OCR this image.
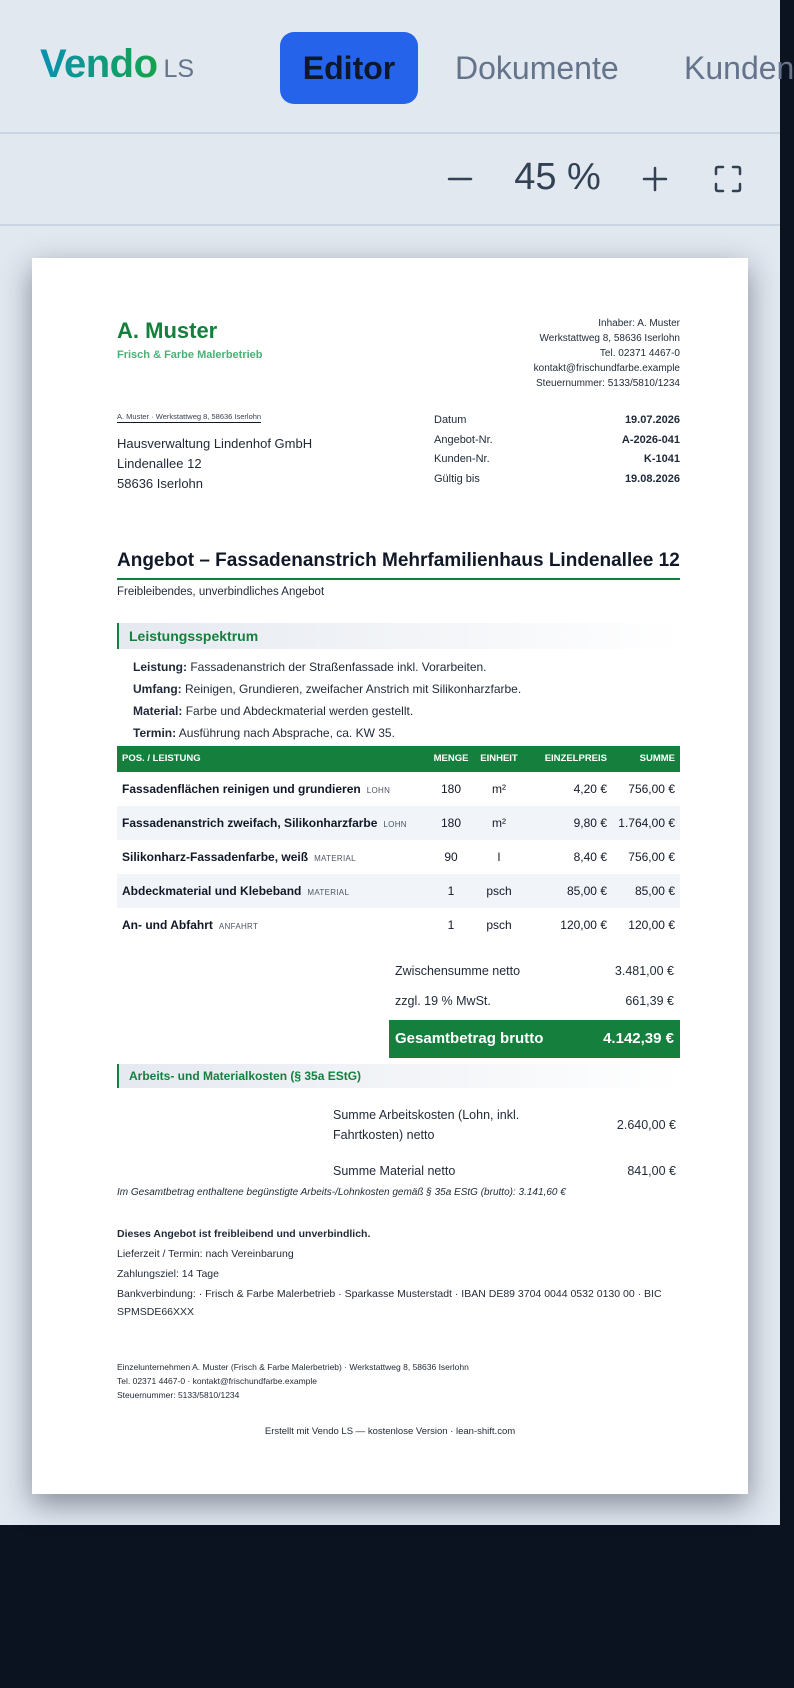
Vendo LS	Editor	Dokumente Kunden
45 %
A. Muster
Frisch & Farbe Malerbetrieb
Inhaber: A. Muster
Werkstattweg 8, 58636 Iserlohn
Tel. 02371 4467-0
kontakt@frischundfarbe.example
Steuernummer: 5133/5810/1234
A. Muster · Werkstattweg 8, 58636 Iserlohn
Hausverwaltung Lindenhof GmbH
Lindenallee 12
58636 Iserlohn
Datum	19.07.2026
Angebot-Nr.	A-2026-041
Kunden-Nr.	K-1041
Gültig bis	19.08.2026
Angebot – Fassadenanstrich Mehrfamilienhaus Lindenallee 12
Freibleibendes, unverbindliches Angebot
Leistungsspektrum
Leistung: Fassadenanstrich der Straßenfassade inkl. Vorarbeiten.
Umfang: Reinigen, Grundieren, zweifacher Anstrich mit Silikonharzfarbe.
Material: Farbe und Abdeckmaterial werden gestellt.
Termin: Ausführung nach Absprache, ca. KW 35.
POS. / LEISTUNG	MENGE	EINHEIT	EINZELPREIS	SUMME
Fassadenflächen reinigen und grundieren LOHN	180	m²	4,20 €	756,00 €
Fassadenanstrich zweifach, Silikonharzfarbe LOHN	180	m²	9,80 € 1.764,00 €
Silikonharz-Fassadenfarbe, weiß MATERIAL	90	l	8,40 €	756,00 €
Abdeckmaterial und Klebeband MATERIAL	1	psch	85,00 €	85,00 €
An- und Abfahrt ANFAHRT	1	psch	120,00 €	120,00 €
Zwischensumme netto	3.481,00 €
zzgl. 19 % MwSt.	661,39 €
Gesamtbetrag brutto	4.142,39 €
Arbeits- und Materialkosten (§ 35a EStG)
Summe Arbeitskosten (Lohn, inkl. Fahrtkosten) netto
2.640,00 €
Summe Material netto	841,00 €
Im Gesamtbetrag enthaltene begünstigte Arbeits-/Lohnkosten gemäß § 35a EStG (brutto): 3.141,60 €
Dieses Angebot ist freibleibend und unverbindlich.
Lieferzeit / Termin: nach Vereinbarung
Zahlungsziel: 14 Tage
Bankverbindung: · Frisch & Farbe Malerbetrieb · Sparkasse Musterstadt · IBAN DE89 3704 0044 0532 0130 00 · BIC SPMSDE66XXX
Einzelunternehmen A. Muster (Frisch & Farbe Malerbetrieb) · Werkstattweg 8, 58636 Iserlohn
Tel. 02371 4467-0 · kontakt@frischundfarbe.example
Steuernummer: 5133/5810/1234
Erstellt mit Vendo LS — kostenlose Version · lean-shift.com
